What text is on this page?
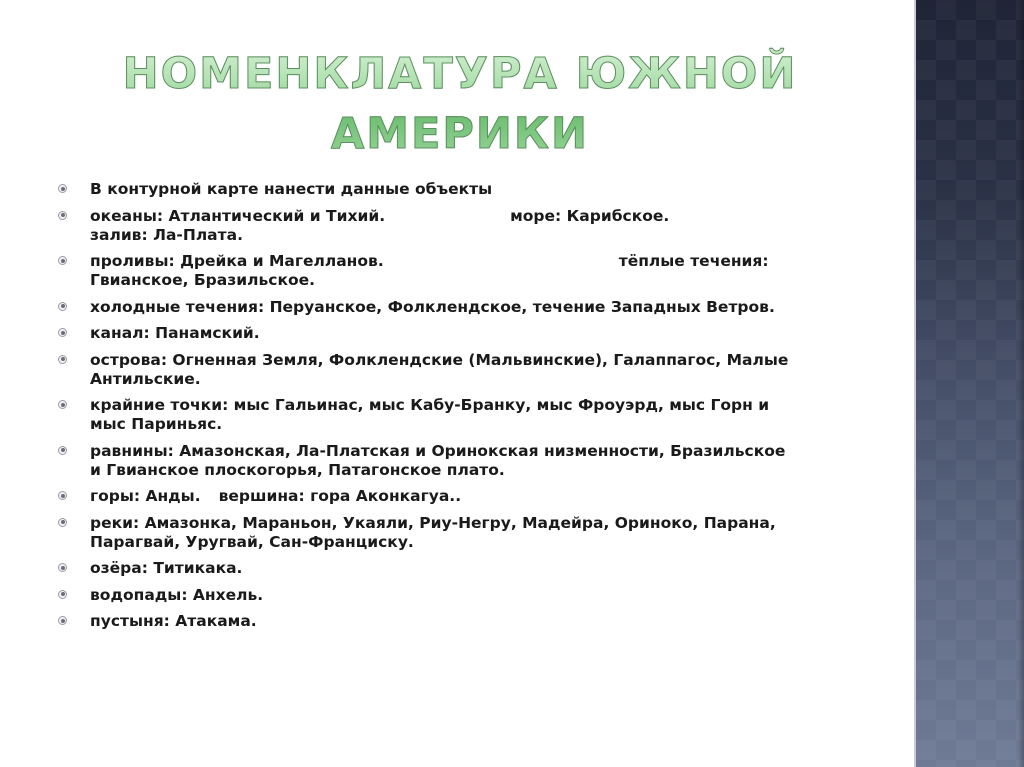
НОМЕНКЛАТУРА ЮЖНОЙ
АМЕРИКИ
В контурной карте нанести данные объекты
океаны: Атлантический и Тихий.	море: Карибское.
залив: Ла-Плата.
проливы: Дрейка и Магелланов.	тёплые течения:
Гвианское, Бразильское.
холодные течения: Перуанское, Фолклендское, течение Западных Ветров.
канал: Панамский.
острова: Огненная Земля, Фолклендские (Мальвинские), Галаппагос, Малые
Антильские.
крайние точки: мыс Гальинас, мыс Кабу-Бранку, мыс Фроуэрд, мыс Горн и
мыс Париньяс.
равнины: Амазонская, Ла-Платская и Оринокская низменности, Бразильское
и Гвианское плоскогорья, Патагонское плато.
горы: Анды. вершина: гора Аконкагуа..
реки: Амазонка, Мараньон, Укаяли, Риу-Негру, Мадейра, Ориноко, Парана,
Парагвай, Уругвай, Сан-Франциску.
озёра: Титикака.
водопады: Анхель.
пустыня: Атакама.
